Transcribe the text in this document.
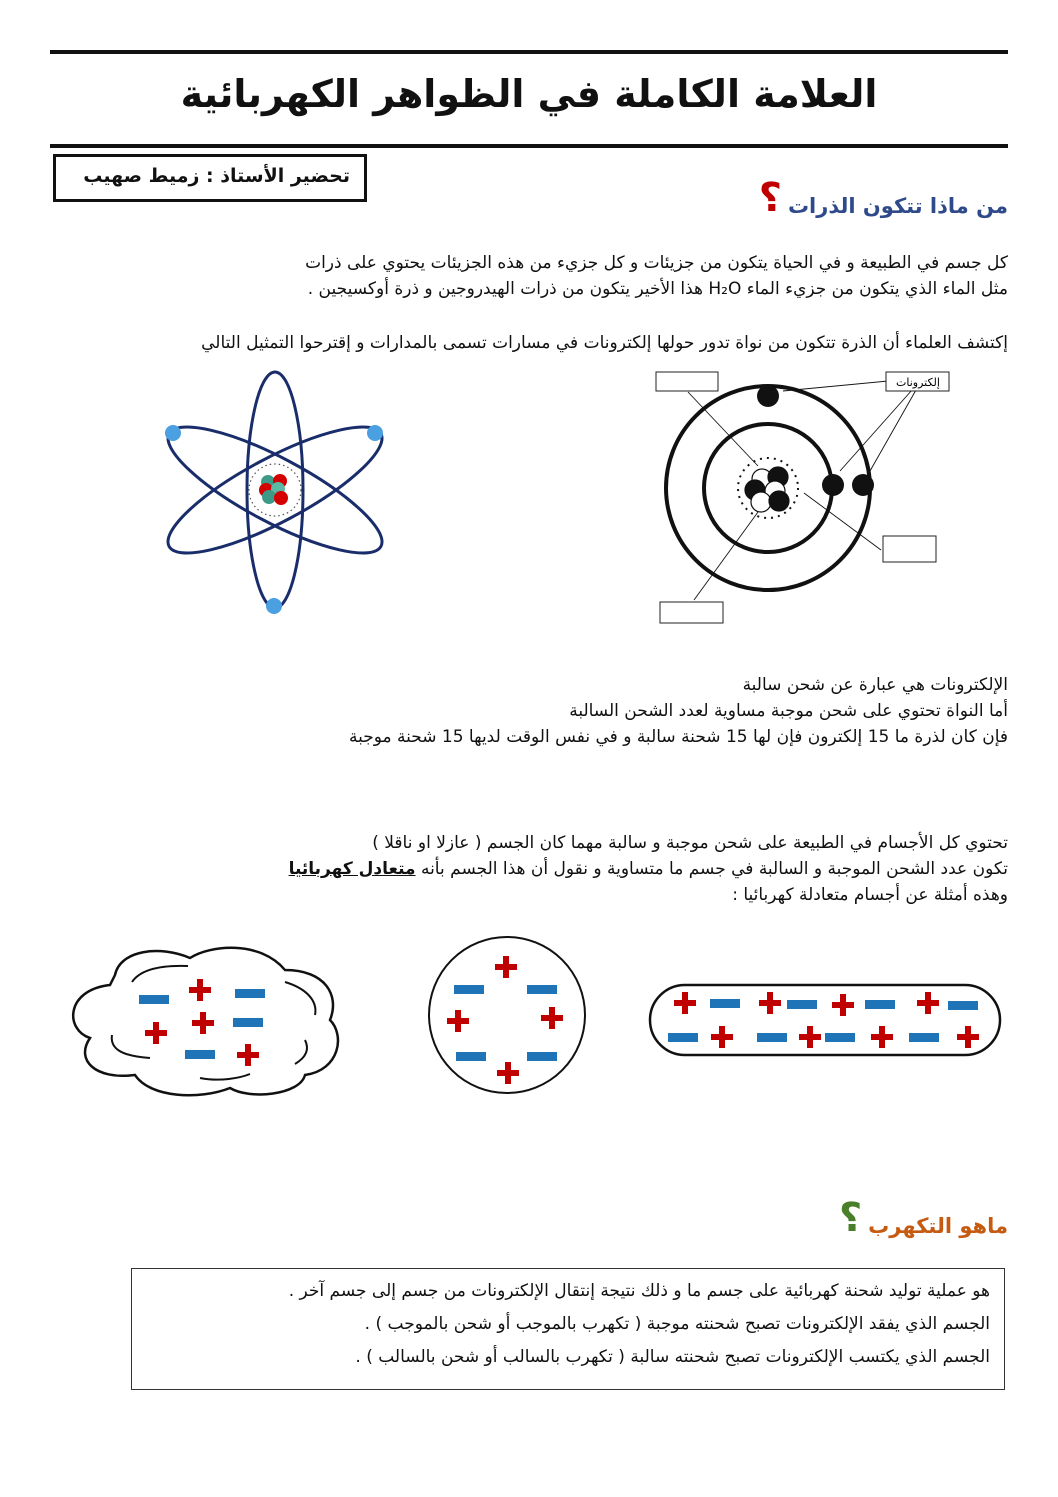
العلامة الكاملة في الظواهر الكهربائية
تحضير الأستاذ : زميط صهيب
من ماذا تتكون الذرات
؟
كل جسم في الطبيعة و في الحياة يتكون من جزيئات و كل جزيء من هذه الجزيئات يحتوي على ذرات
مثل الماء الذي يتكون من جزيء الماء H₂O هذا الأخير يتكون من ذرات الهيدروجين و ذرة أوكسيجين .
إكتشف العلماء أن الذرة تتكون من نواة تدور حولها إلكترونات في مسارات تسمى بالمدارات و إقترحوا التمثيل التالي
إلكترونات
الإلكترونات هي عبارة عن شحن سالبة
أما النواة تحتوي على شحن موجبة مساوية لعدد الشحن السالبة
فإن كان لذرة ما 15 إلكترون فإن لها 15 شحنة سالبة و في نفس الوقت لديها 15 شحنة موجبة
تحتوي كل الأجسام في الطبيعة على شحن موجبة و سالبة مهما كان الجسم ( عازلا او ناقلا )
تكون عدد الشحن الموجبة و السالبة في جسم ما متساوية و نقول أن هذا الجسم بأنه متعادل كهربائيا
وهذه أمثلة عن أجسام متعادلة كهربائيا :
ماهو التكهرب
؟
هو عملية توليد شحنة كهربائية على جسم ما و ذلك نتيجة إنتقال الإلكترونات من جسم إلى جسم آخر .
الجسم الذي يفقد الإلكترونات تصبح شحنته موجبة ( تكهرب بالموجب أو شحن بالموجب ) .
الجسم الذي يكتسب الإلكترونات تصبح شحنته سالبة ( تكهرب بالسالب أو شحن بالسالب ) .
